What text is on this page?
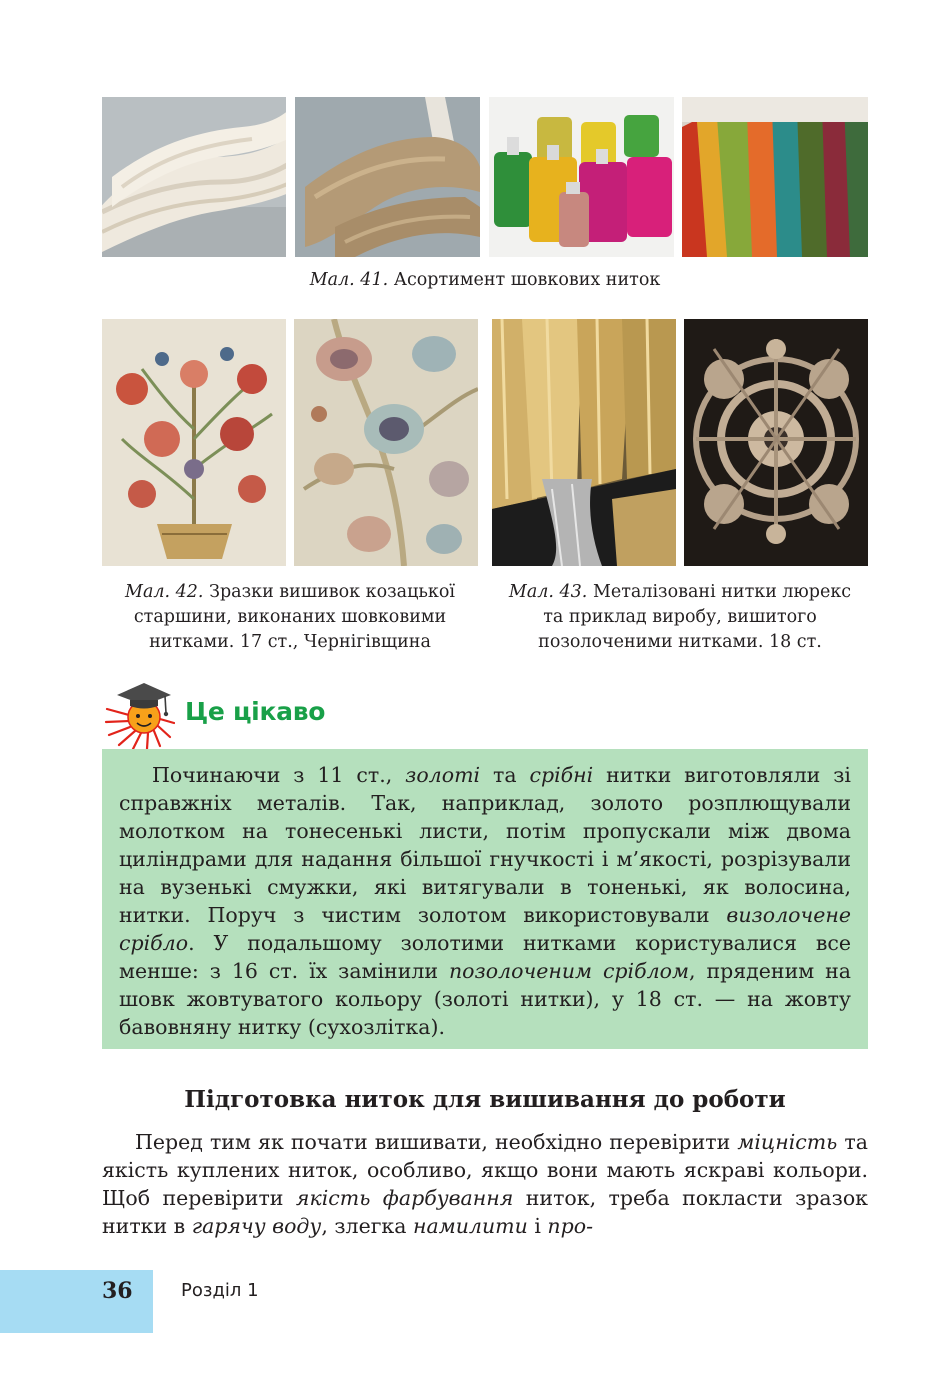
Мал. 41. Асортимент шовкових ниток
Мал. 42. Зразки вишивок козацької
старшини, виконаних шовковими
нитками. 17 ст., Чернігівщина
Мал. 43. Металізовані нитки люрекс
та приклад виробу, вишитого
позолоченими нитками. 18 ст.
Це цікаво

Починаючи з 11 ст., золоті та срібні нитки виготовляли зі справжніх металів. Так, наприклад, золото розплющували молотком на тонесенькі листи, потім пропускали між двома циліндрами для надання більшої гнучкості і м’якості, розрізували на вузенькі смужки, які витягували в тоненькі, як волосина, нитки. Поруч з чистим золотом використовували визолочене срібло. У подальшому золотими нитками користувалися все менше: з 16 ст. їх замінили позолоченим сріблом, пряденим на шовк жовтуватого кольору (золоті нитки), у 18 ст. — на жовту бавовняну нитку (сухозлітка).

Підготовка ниток для вишивання до роботи

Перед тим як почати вишивати, необхідно перевірити міцність та якість куплених ниток, особливо, якщо вони мають яскраві кольори. Щоб перевірити якість фарбування ниток, треба покласти зразок нитки в гарячу воду, злегка намилити і про-

36	Розділ 1
